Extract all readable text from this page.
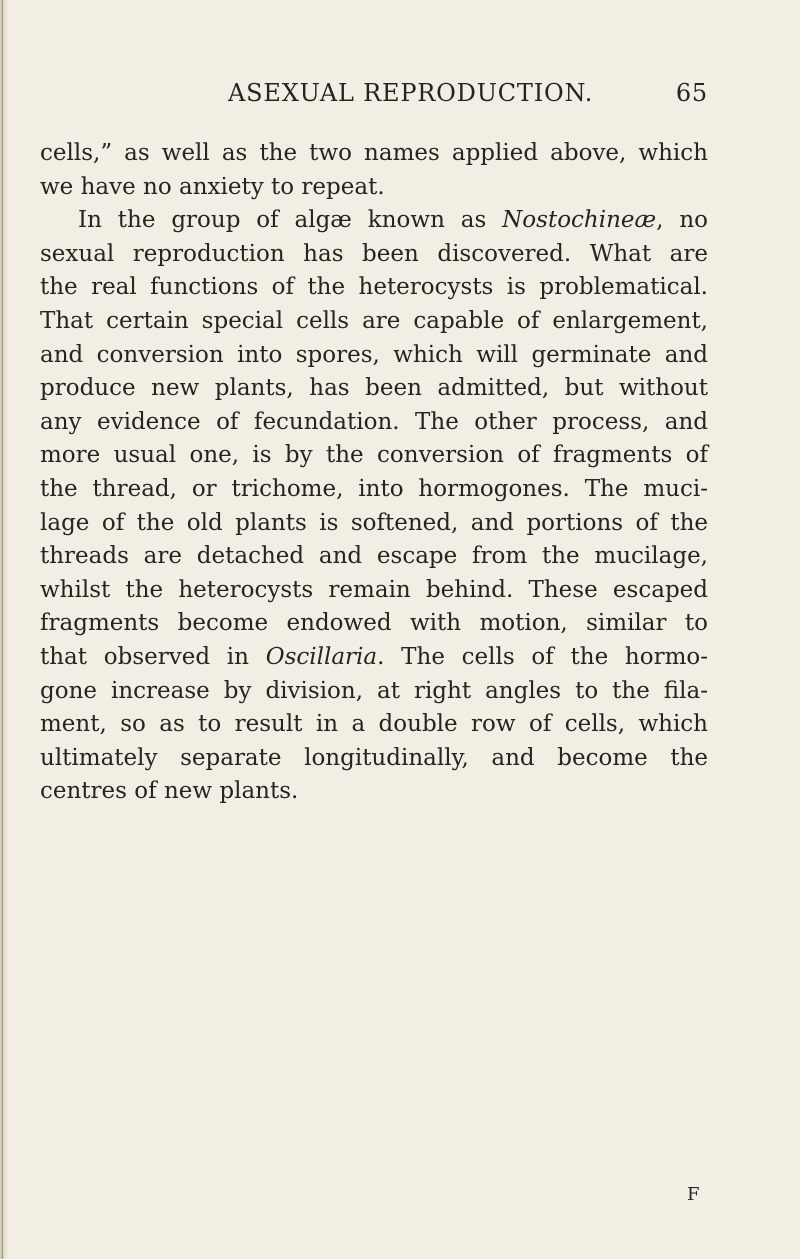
ASEXUAL REPRODUCTION.	65
cells,” as well as the two names applied above, which
we have no anxiety to repeat.
In the group of algæ known as Nostochineæ, no
sexual reproduction has been discovered. What are
the real functions of the heterocysts is problematical.
That certain special cells are capable of enlargement,
and conversion into spores, which will germinate and
produce new plants, has been admitted, but without
any evidence of fecundation. The other process, and
more usual one, is by the conversion of fragments of
the thread, or trichome, into hormogones. The muci-
lage of the old plants is softened, and portions of the
threads are detached and escape from the mucilage,
whilst the heterocysts remain behind. These escaped
fragments become endowed with motion, similar to
that observed in Oscillaria. The cells of the hormo-
gone increase by division, at right angles to the fila-
ment, so as to result in a double row of cells, which
ultimately separate longitudinally, and become the
centres of new plants.
F
